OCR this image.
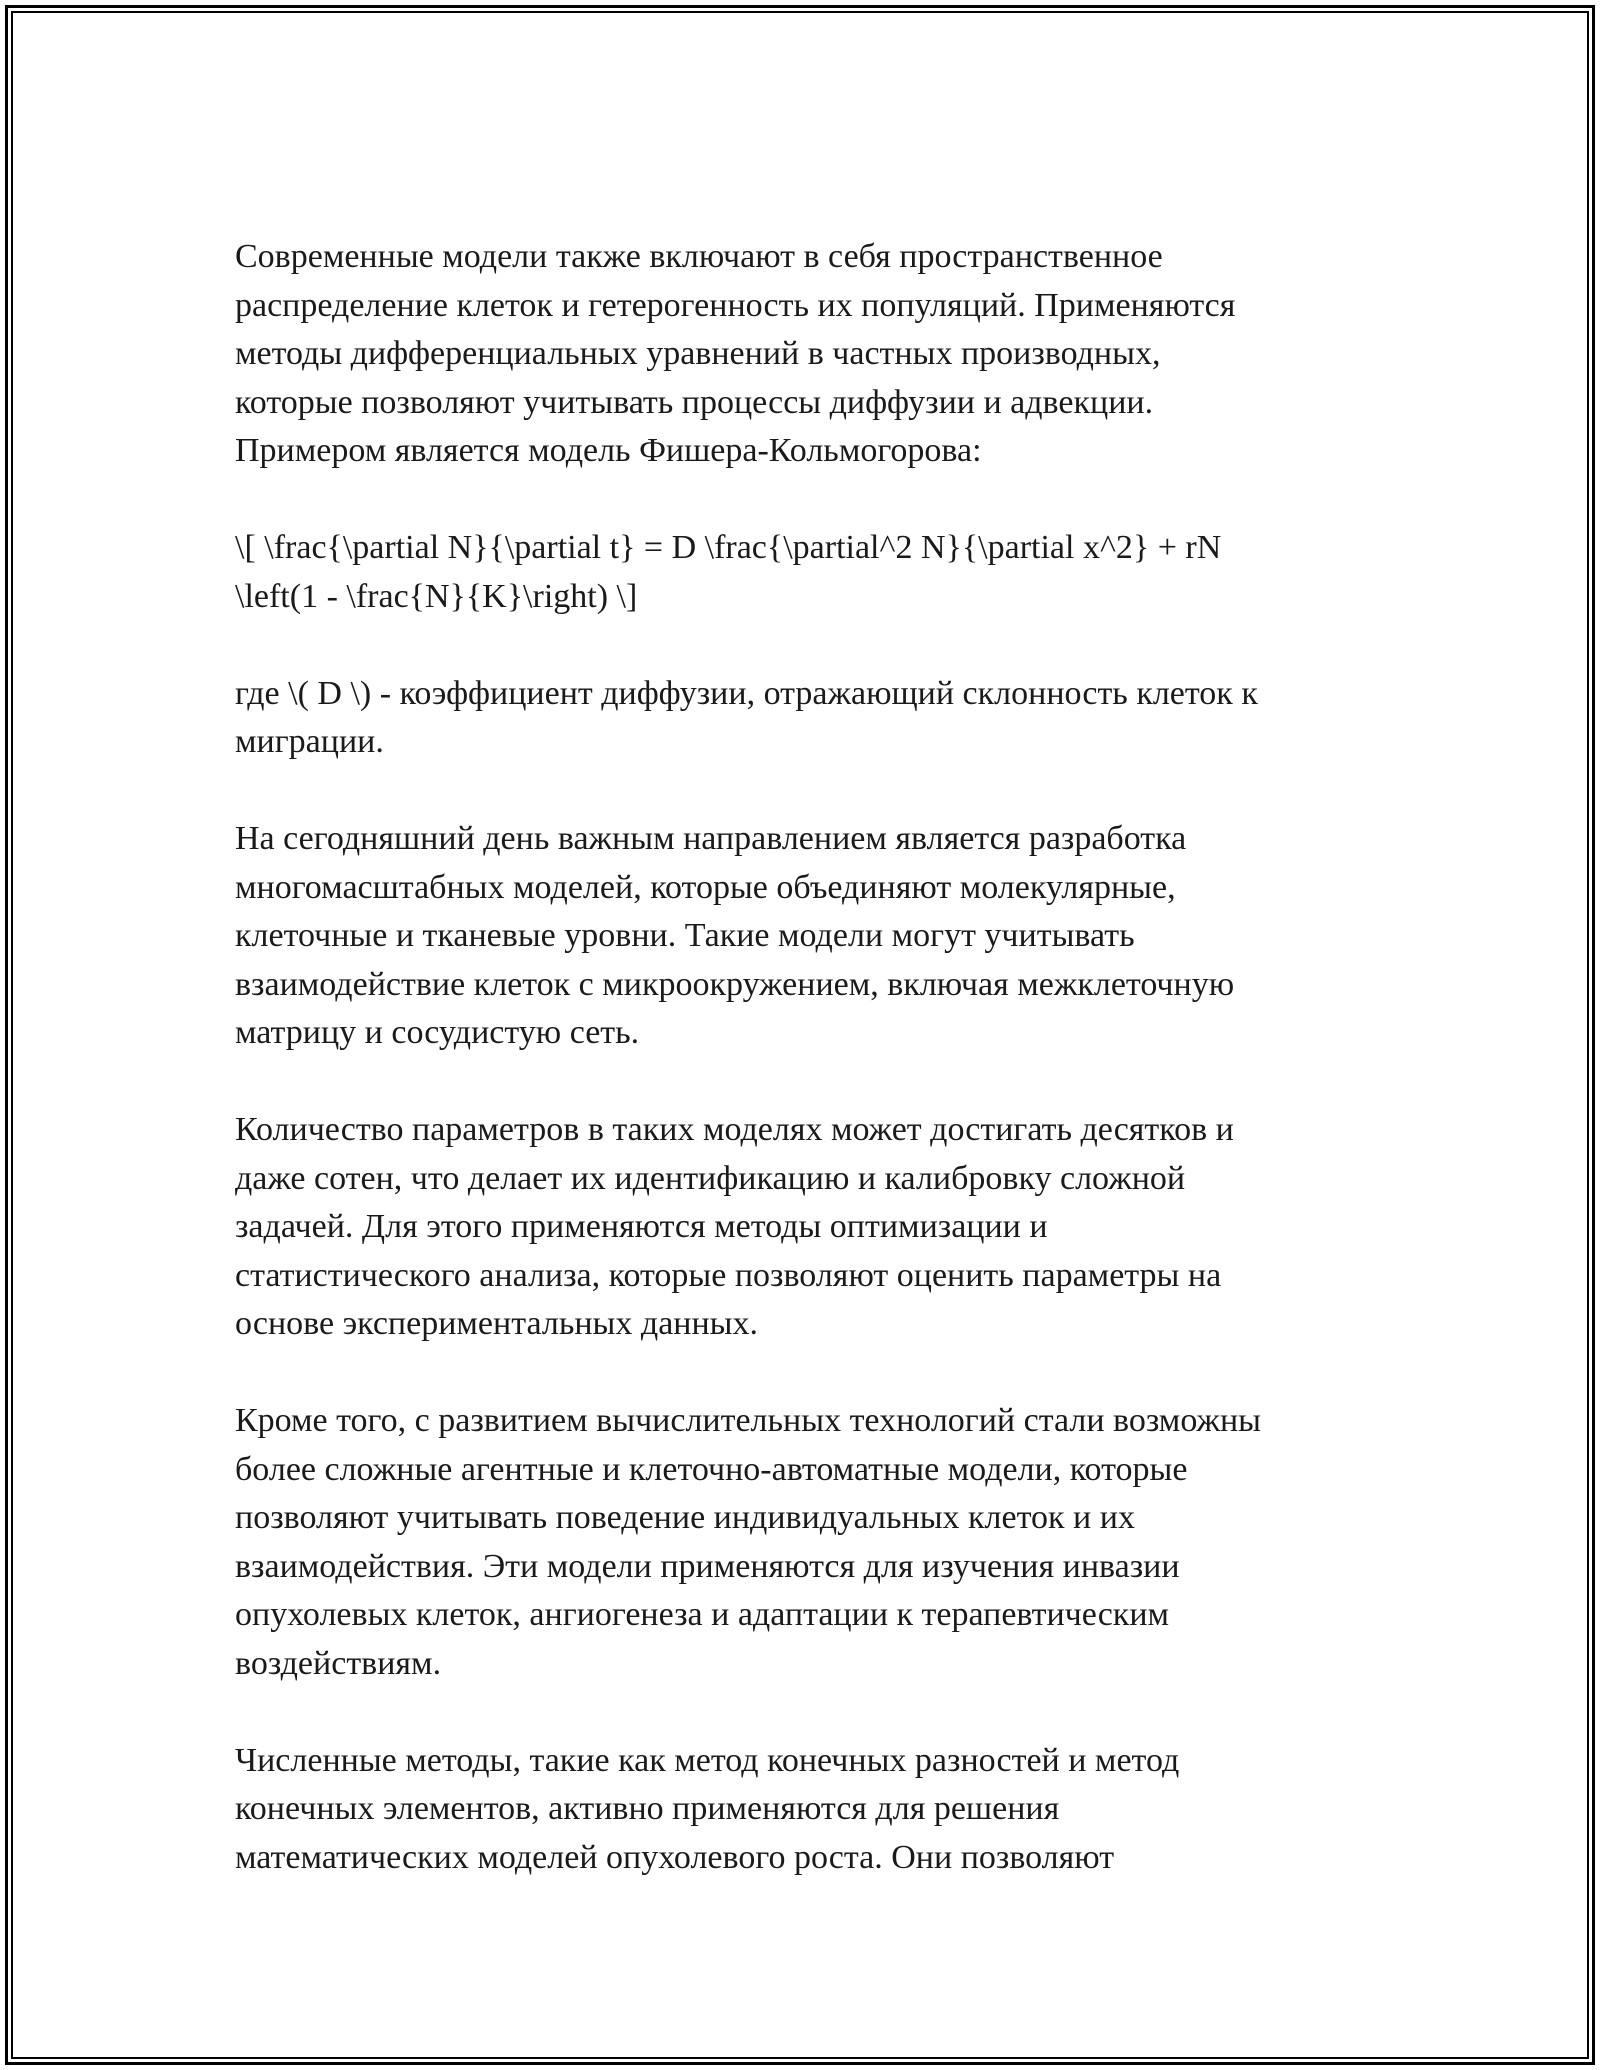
Современные модели также включают в себя пространственное
распределение клеток и гетерогенность их популяций. Применяются
методы дифференциальных уравнений в частных производных,
которые позволяют учитывать процессы диффузии и адвекции.
Примером является модель Фишера-Кольмогорова:

\[ \frac{\partial N}{\partial t} = D \frac{\partial^2 N}{\partial x^2} + rN
\left(1 - \frac{N}{K}\right) \]

где \( D \) - коэффициент диффузии, отражающий склонность клеток к
миграции.

На сегодняшний день важным направлением является разработка
многомасштабных моделей, которые объединяют молекулярные,
клеточные и тканевые уровни. Такие модели могут учитывать
взаимодействие клеток с микроокружением, включая межклеточную
матрицу и сосудистую сеть.

Количество параметров в таких моделях может достигать десятков и
даже сотен, что делает их идентификацию и калибровку сложной
задачей. Для этого применяются методы оптимизации и
статистического анализа, которые позволяют оценить параметры на
основе экспериментальных данных.

Кроме того, с развитием вычислительных технологий стали возможны
более сложные агентные и клеточно-автоматные модели, которые
позволяют учитывать поведение индивидуальных клеток и их
взаимодействия. Эти модели применяются для изучения инвазии
опухолевых клеток, ангиогенеза и адаптации к терапевтическим
воздействиям.

Численные методы, такие как метод конечных разностей и метод
конечных элементов, активно применяются для решения
математических моделей опухолевого роста. Они позволяют
